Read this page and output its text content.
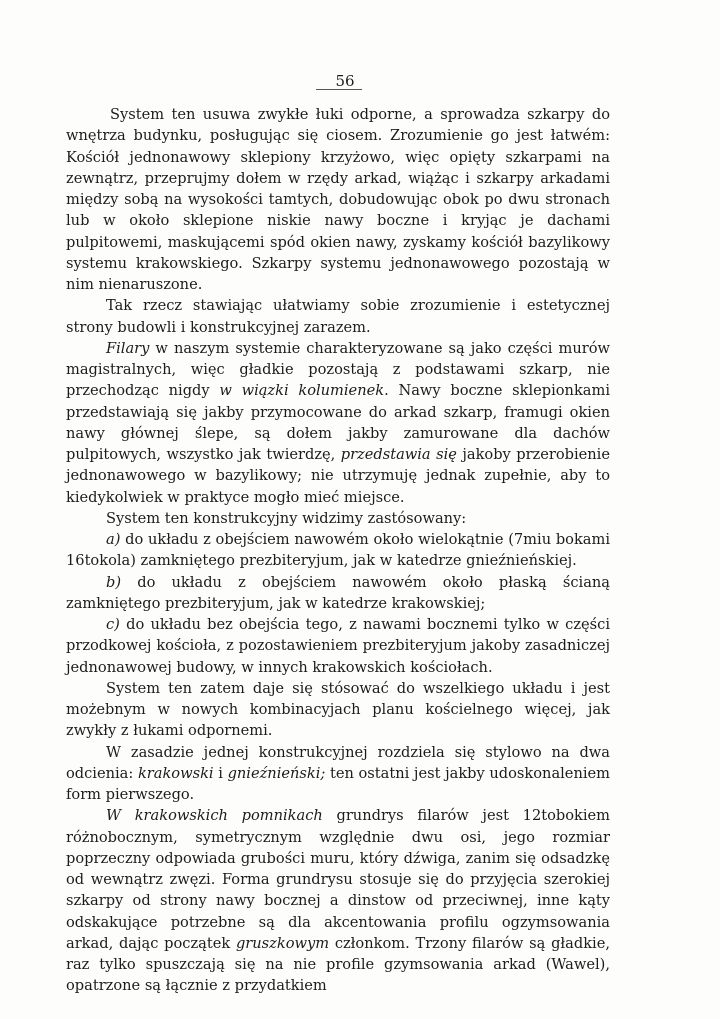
56

System ten usuwa zwykłe łuki odporne, a sprowadza szkarpy do wnętrza budynku, posługując się ciosem. Zrozumienie go jest łatwém: Kościół jednonawowy sklepiony krzyżowo, więc opięty szkarpami na zewnątrz, przeprujmy dołem w rzędy arkad, wiążąc i szkarpy arkadami między sobą na wysokości tamtych, dobudowując obok po dwu stronach lub w około sklepione niskie nawy boczne i kryjąc je dachami pulpitowemi, maskującemi spód okien nawy, zyskamy kościół bazylikowy systemu krakowskiego. Szkarpy systemu jednonawowego pozostają w nim nienaruszone.

Tak rzecz stawiając ułatwiamy sobie zrozumienie i estetycznej strony budowli i konstrukcyjnej zarazem.

Filary w naszym systemie charakteryzowane są jako części murów magistralnych, więc gładkie pozostają z podstawami szkarp, nie przechodząc nigdy w wiązki kolumienek. Nawy boczne sklepionkami przedstawiają się jakby przymocowane do arkad szkarp, framugi okien nawy głównej ślepe, są dołem jakby zamurowane dla dachów pulpitowych, wszystko jak twierdzę, przedstawia się jakoby przerobienie jednonawowego w bazylikowy; nie utrzymuję jednak zupełnie, aby to kiedykolwiek w praktyce mogło mieć miejsce.

System ten konstrukcyjny widzimy zastósowany:

a) do układu z obejściem nawowém około wielokątnie (7miu bokami 16tokola) zamkniętego prezbiteryjum, jak w katedrze gnieźnieńskiej.

b) do układu z obejściem nawowém około płaską ścianą zamkniętego prezbiteryjum, jak w katedrze krakowskiej;

c) do układu bez obejścia tego, z nawami bocznemi tylko w części przodkowej kościoła, z pozostawieniem prezbiteryjum jakoby zasadniczej jednonawowej budowy, w innych krakowskich kościołach.

System ten zatem daje się stósować do wszelkiego układu i jest możebnym w nowych kombinacyjach planu kościelnego więcej, jak zwykły z łukami odpornemi.

W zasadzie jednej konstrukcyjnej rozdziela się stylowo na dwa odcienia: krakowski i gnieźnieński; ten ostatni jest jakby udoskonaleniem form pierwszego.

W krakowskich pomnikach grundrys filarów jest 12tobokiem różnobocznym, symetrycznym względnie dwu osi, jego rozmiar poprzeczny odpowiada grubości muru, który dźwiga, zanim się odsadzkę od wewnątrz zwęzi. Forma grundrysu stosuje się do przyjęcia szerokiej szkarpy od strony nawy bocznej a dinstow od przeciwnej, inne kąty odskakujące potrzebne są dla akcentowania profilu ogzymsowania arkad, dając początek gruszkowym członkom. Trzony filarów są gładkie, raz tylko spuszczają się na nie profile gzymsowania arkad (Wawel), opatrzone są łącznie z przydatkiem
